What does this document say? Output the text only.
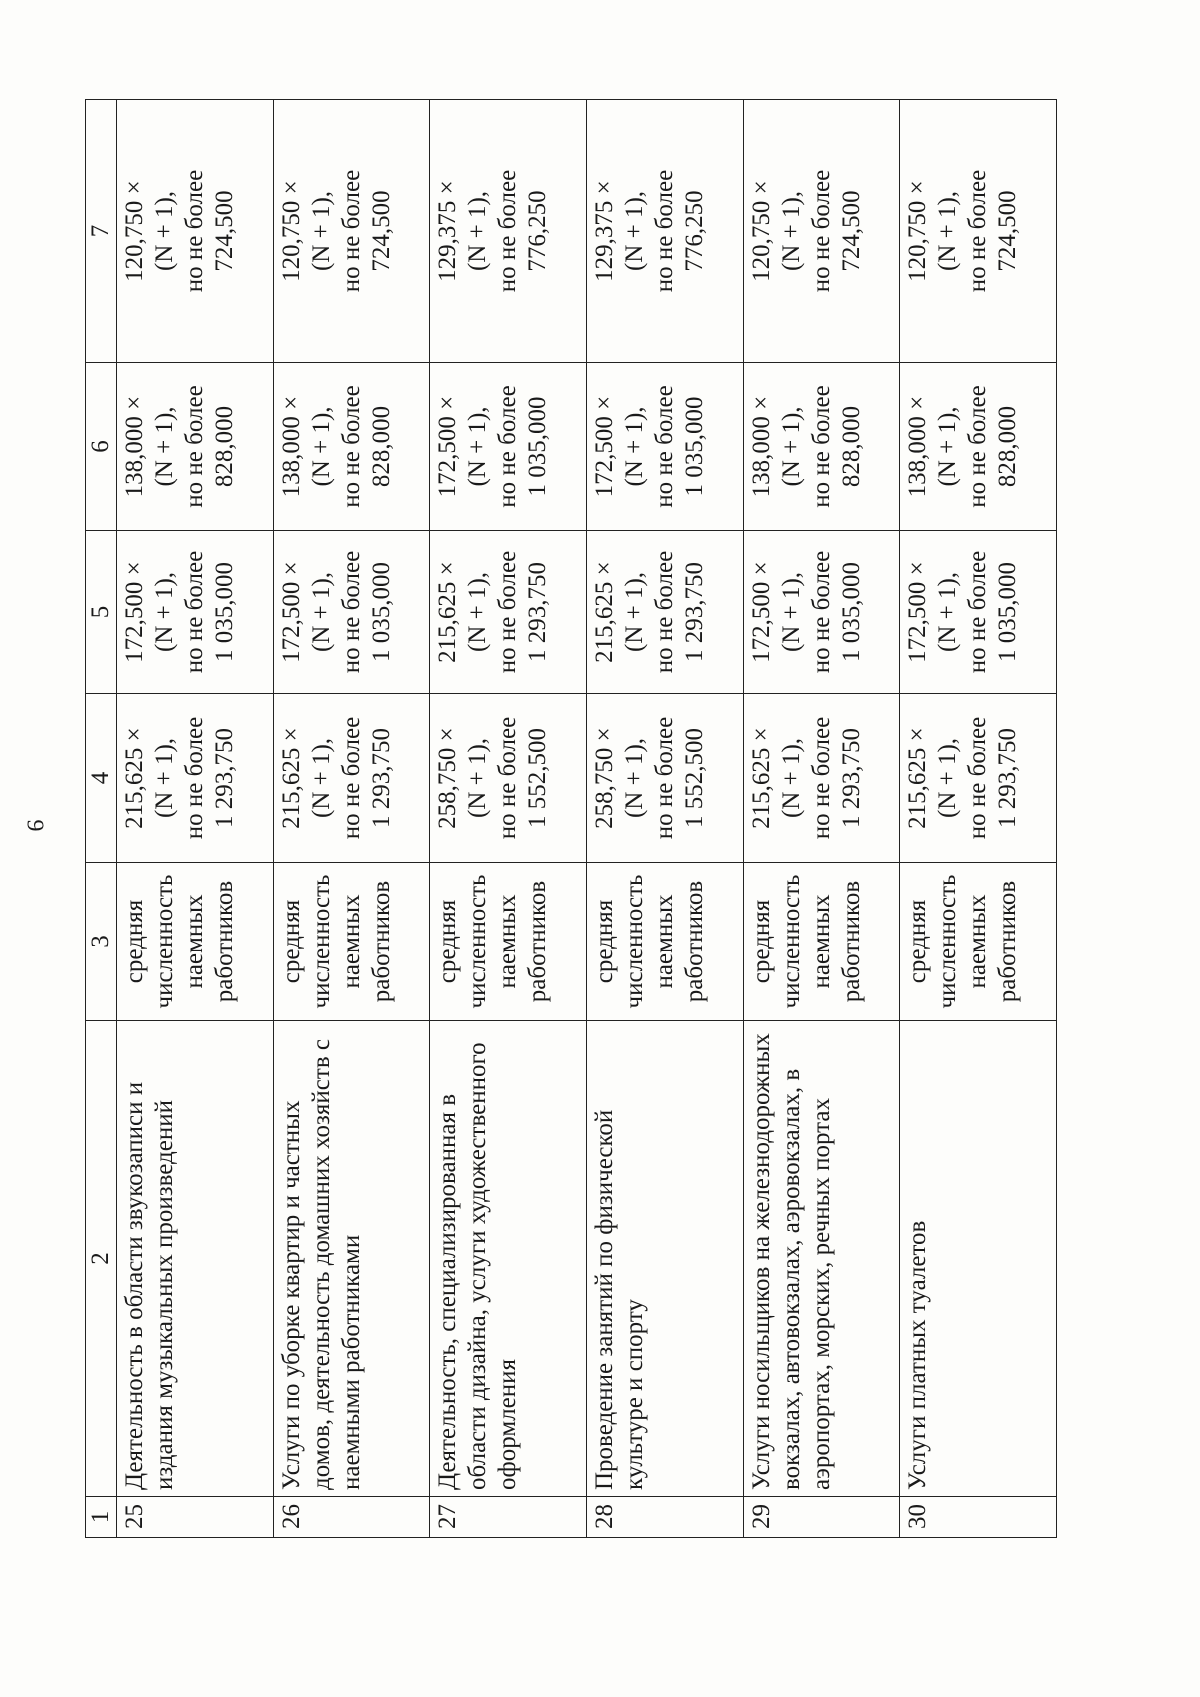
9
1	2	3	4	5	6	7
25	Деятельность в области звукозаписи и издания музыкальных произведений	средняя численность наемных работников	215,625 × (N + 1), но не более 1 293,750	172,500 × (N + 1), но не более 1 035,000	138,000 × (N + 1), но не более 828,000	120,750 × (N + 1), но не более 724,500

26	Услуги по уборке квартир и частных домов, деятельность домашних хозяйств с наемными работниками	средняя численность наемных работников	215,625 × (N + 1), но не более 1 293,750	172,500 × (N + 1), но не более 1 035,000	138,000 × (N + 1), но не более 828,000	120,750 × (N + 1), но не более 724,500

27	Деятельность, специализированная в области дизайна, услуги художественного оформления	средняя численность наемных работников	258,750 × (N + 1), но не более 1 552,500	215,625 × (N + 1), но не более 1 293,750	172,500 × (N + 1), но не более 1 035,000	129,375 × (N + 1), но не более 776,250

28	Проведение занятий по физической культуре и спорту	средняя численность наемных работников	258,750 × (N + 1), но не более 1 552,500	215,625 × (N + 1), но не более 1 293,750	172,500 × (N + 1), но не более 1 035,000	129,375 × (N + 1), но не более 776,250

29	Услуги носильщиков на железнодорожных вокзалах, автовокзалах, аэровокзалах, в аэропортах, морских, речных портах	средняя численность наемных работников	215,625 × (N + 1), но не более 1 293,750	172,500 × (N + 1), но не более 1 035,000	138,000 × (N + 1), но не более 828,000	120,750 × (N + 1), но не более 724,500

30	Услуги платных туалетов	средняя численность наемных работников	215,625 × (N + 1), но не более 1 293,750	172,500 × (N + 1), но не более 1 035,000	138,000 × (N + 1), но не более 828,000	120,750 × (N + 1), но не более 724,500
